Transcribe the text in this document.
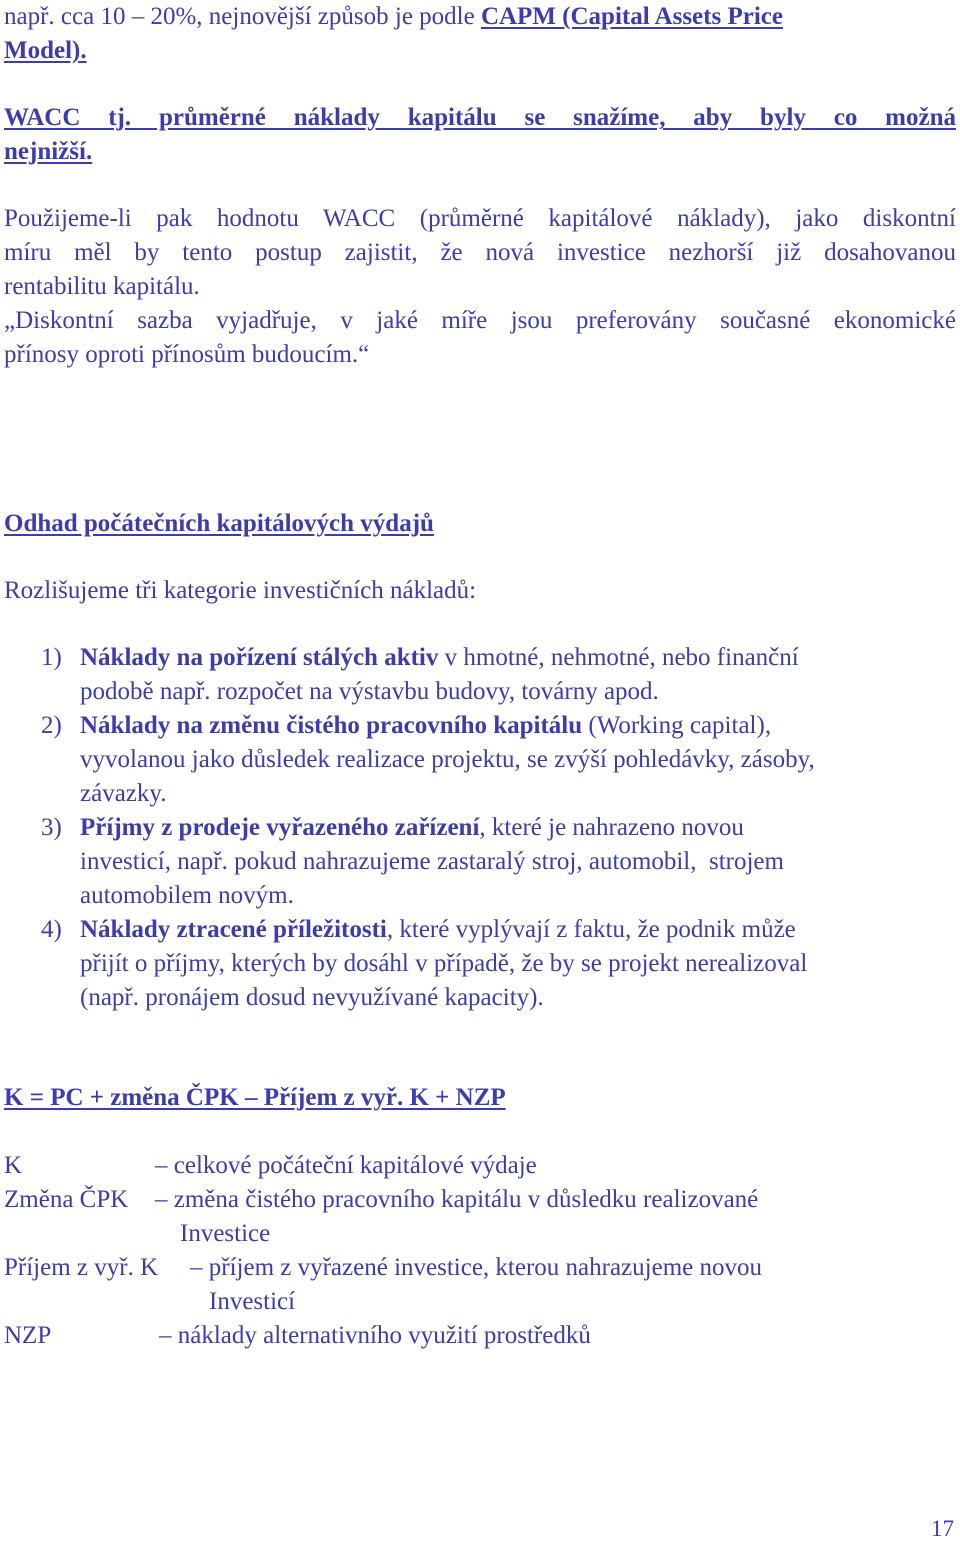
např. cca 10 – 20%, nejnovější způsob je podle CAPM (Capital Assets Price
Model).
WACC tj. průměrné náklady kapitálu se snažíme, aby byly co možná
nejnižší.
Použijeme-li pak hodnotu WACC (průměrné kapitálové náklady), jako diskontní
míru měl by tento postup zajistit, že nová investice nezhorší již dosahovanou
rentabilitu kapitálu.
„Diskontní sazba vyjadřuje, v jaké míře jsou preferovány současné ekonomické
přínosy oproti přínosům budoucím.“
Odhad počátečních kapitálových výdajů
Rozlišujeme tři kategorie investičních nákladů:
1) Náklady na pořízení stálých aktiv v hmotné, nehmotné, nebo finanční
podobě např. rozpočet na výstavbu budovy, továrny apod.
2) Náklady na změnu čistého pracovního kapitálu (Working capital),
vyvolanou jako důsledek realizace projektu, se zvýší pohledávky, zásoby,
závazky.
3) Příjmy z prodeje vyřazeného zařízení, které je nahrazeno novou
investicí, např. pokud nahrazujeme zastaralý stroj, automobil,  strojem
automobilem novým.
4) Náklady ztracené příležitosti, které vyplývají z faktu, že podnik může
přijít o příjmy, kterých by dosáhl v případě, že by se projekt nerealizoval
(např. pronájem dosud nevyužívané kapacity).
K = PC + změna ČPK – Příjem z vyř. K + NZP
K	– celkové počáteční kapitálové výdaje
Změna ČPK – změna čistého pracovního kapitálu v důsledku realizované
Investice
Příjem z vyř. K – příjem z vyřazené investice, kterou nahrazujeme novou
Investicí
NZP	– náklady alternativního využití prostředků
17
